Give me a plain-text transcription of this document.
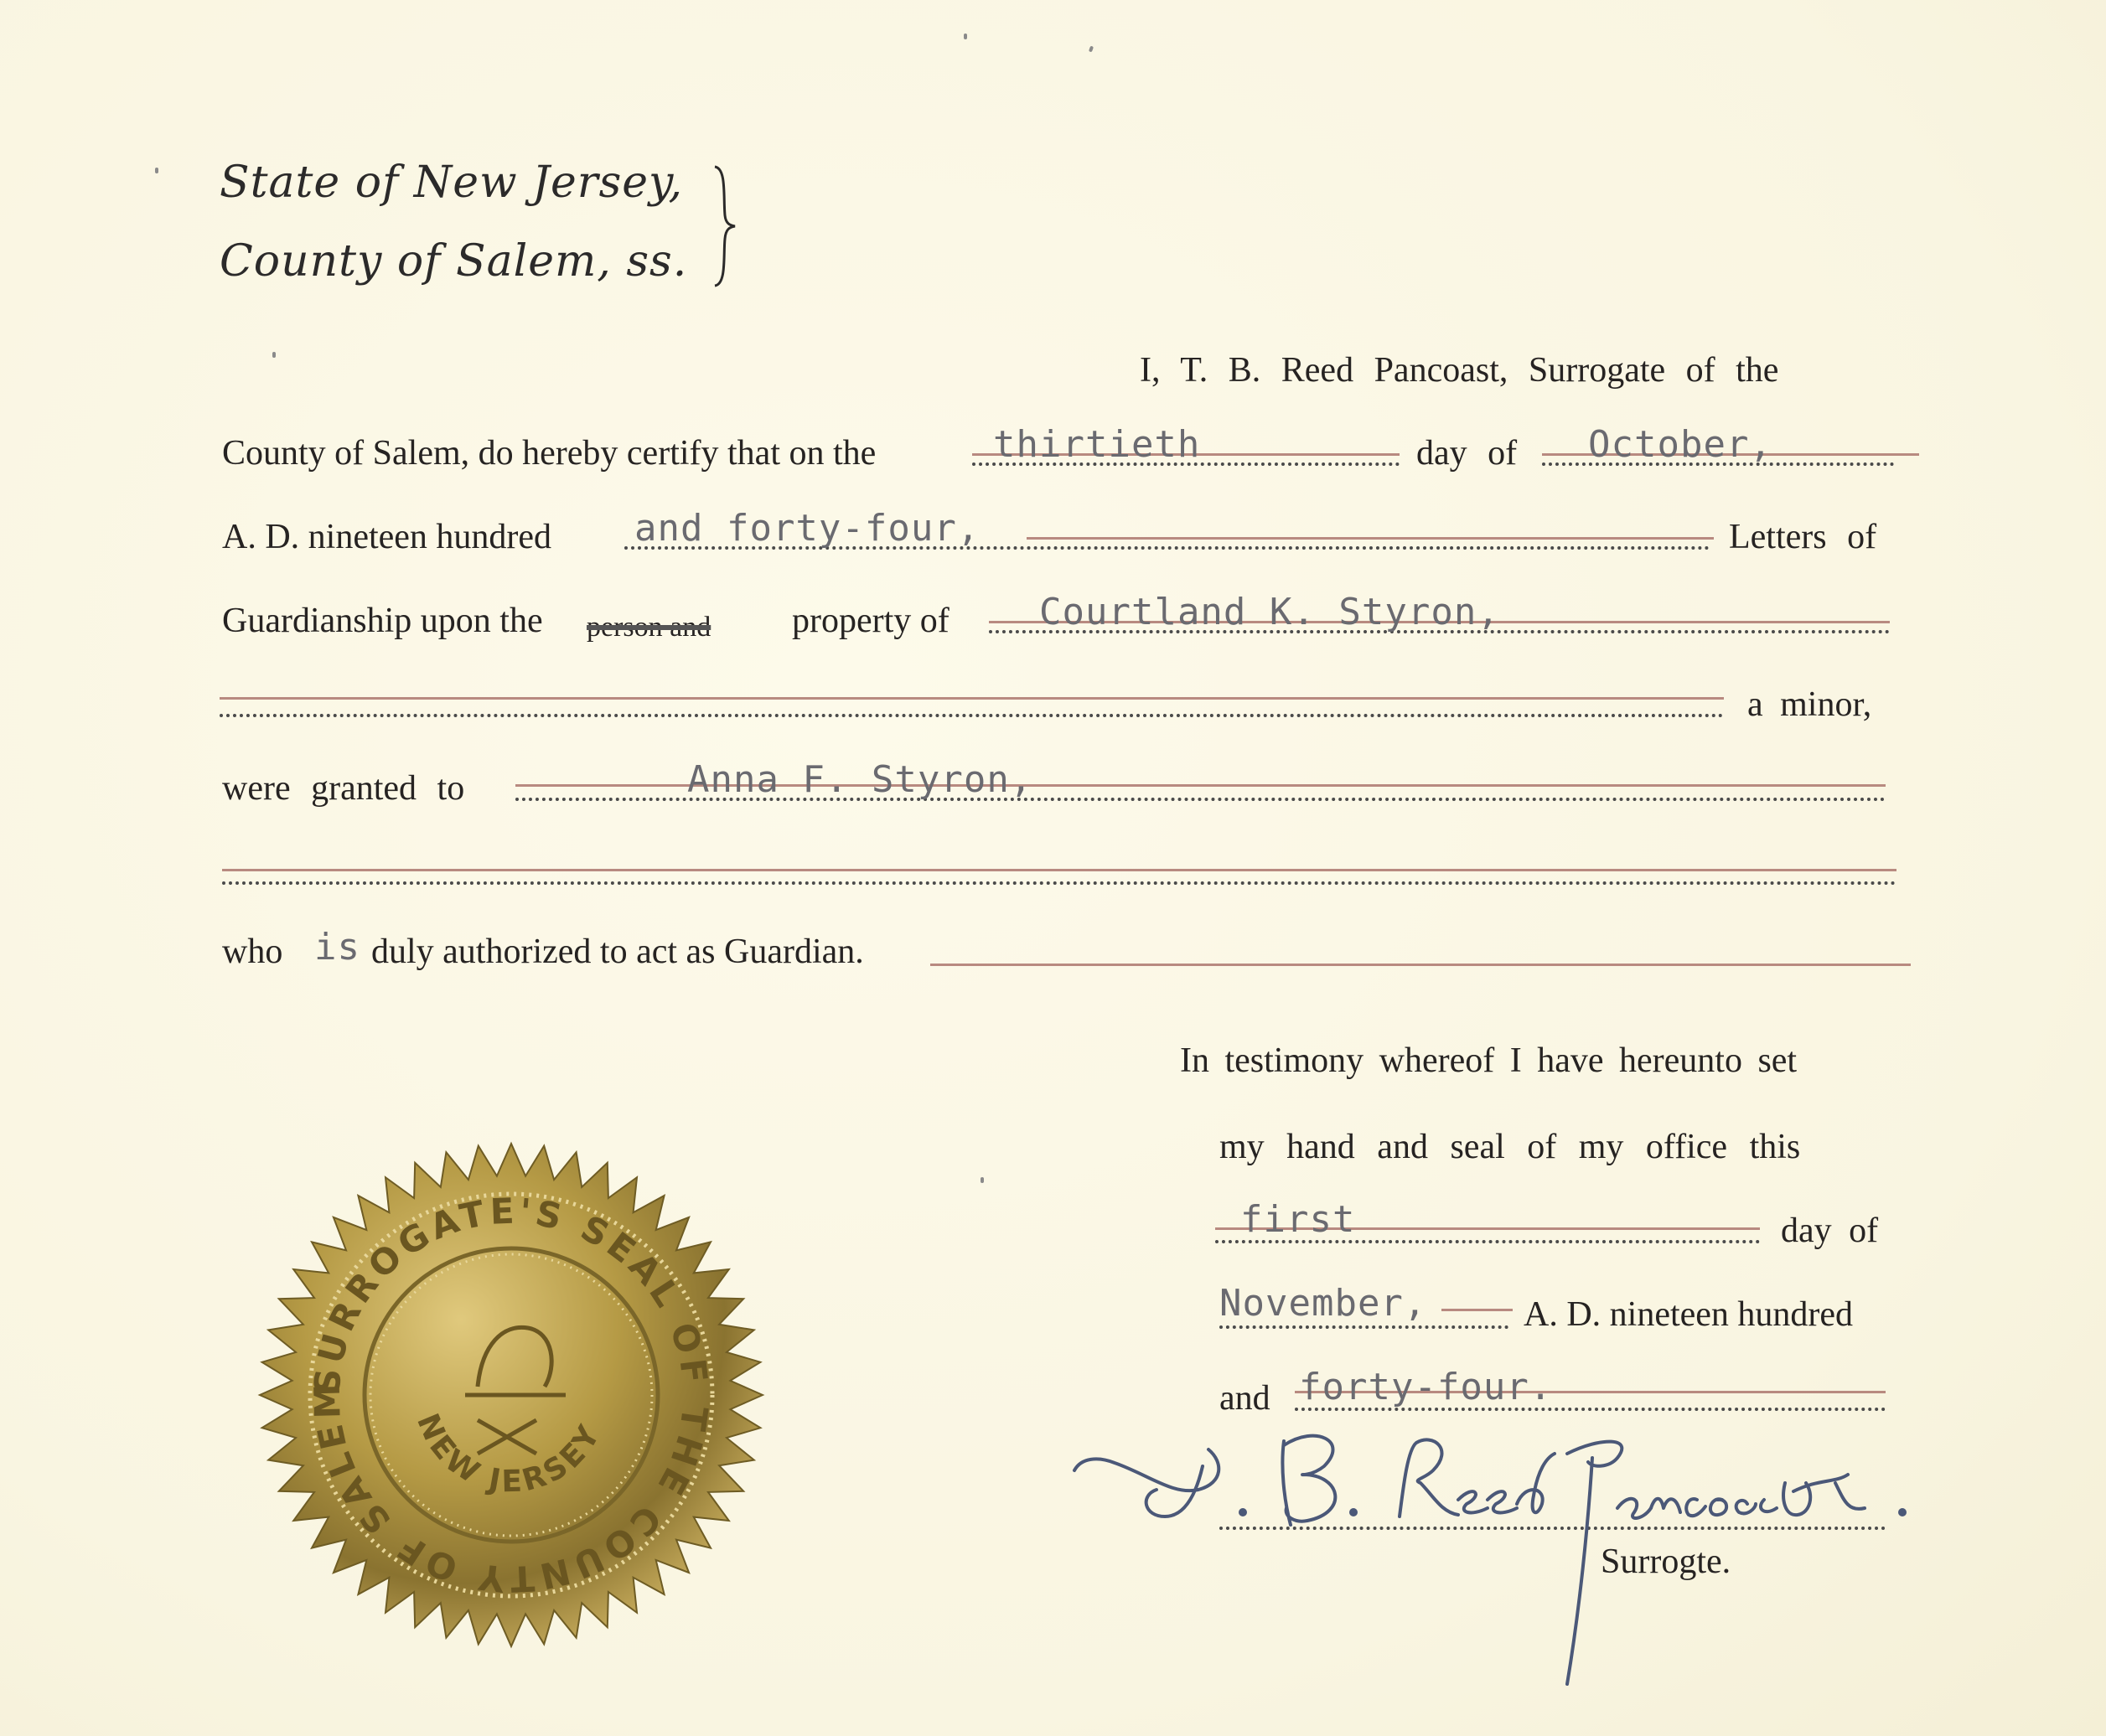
State of New Jersey,
County of Salem, ss.
I, T. B. Reed Pancoast, Surrogate of the
County of Salem, do hereby certify that on the	thirtieth	day of October,
A. D. nineteen hundred and forty-four,	Letters of
Guardianship upon the person and property of Courtland K. Styron,
a minor,
were granted to	Anna F. Styron,
who is duly authorized to act as Guardian.
In testimony whereof I have hereunto set
my hand and seal of my office this
first	day of
November,	A. D. nineteen hundred
and forty-four.
Surrogte.
SURROGATE'S SEAL OF THE COUNTY OF SALEM
NEW JERSEY
